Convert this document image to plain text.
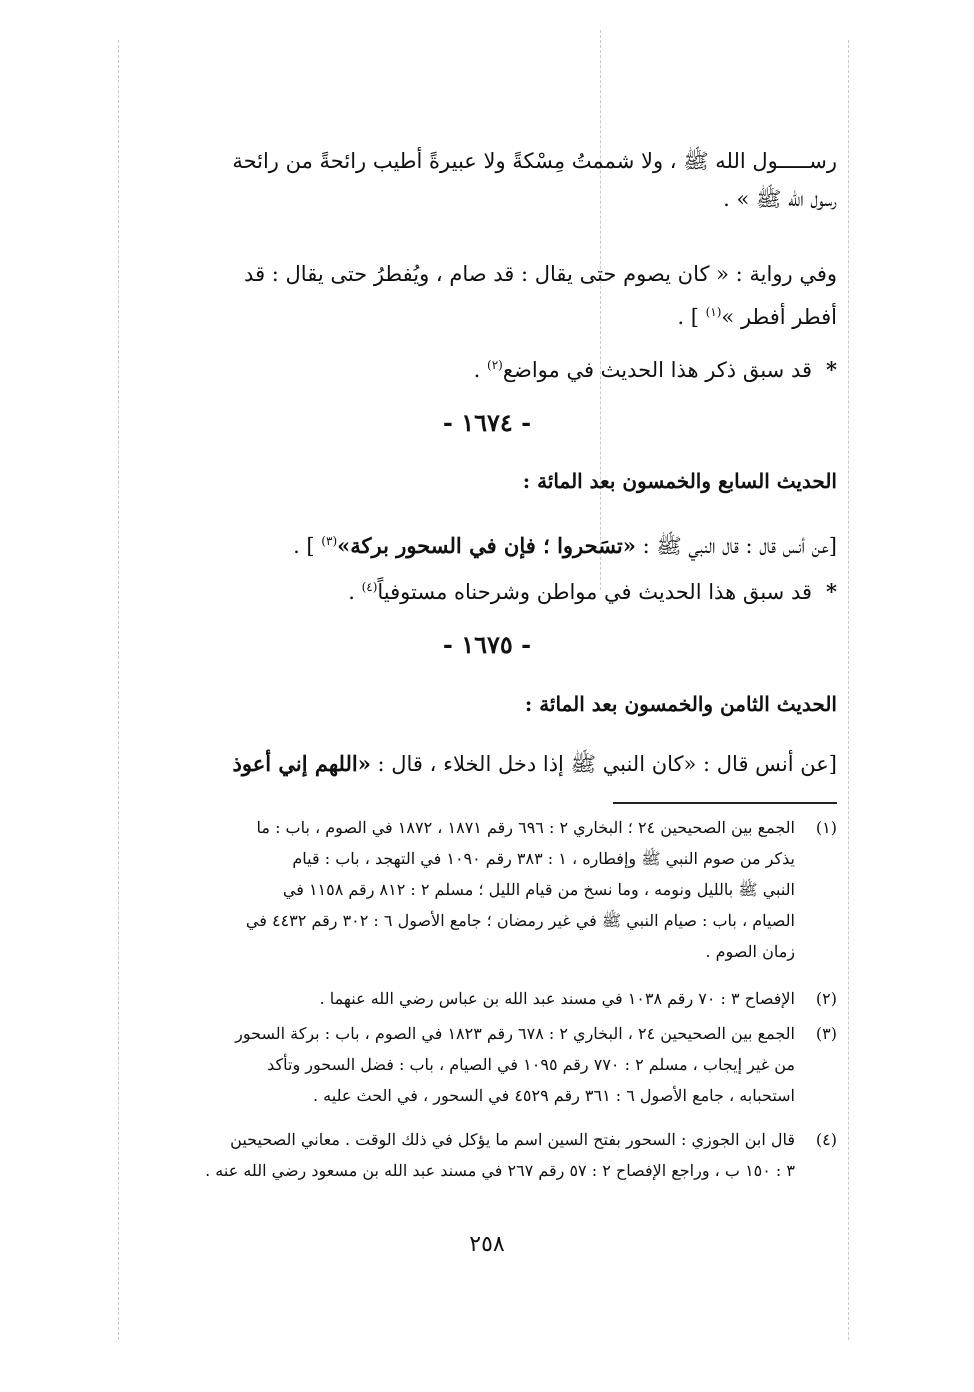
رســـــول الله ﷺ ، ولا شممتُ مِسْكةً ولا عبيرةً أطيب رائحةً من رائحة
رسول الله ﷺ » .
وفي رواية : « كان يصوم حتى يقال : قد صام ، ويُفطرُ حتى يقال : قد
أفطر أفطر »$^{(١)}$ ] .
*قد سبق ذكر هذا الحديث في مواضع$^{(٢)}$ .
- ١٦٧٤ -
الحديث السابع والخمسون بعد المائة :
[عن أنس قال : قال النبي ﷺ : «تسَحروا ؛ فإن في السحور بركة»$^{(٣)}$ ] .
*قد سبق هذا الحديث في مواطن وشرحناه مستوفياً$^{(٤)}$ .
- ١٦٧٥ -
الحديث الثامن والخمسون بعد المائة :
[عن أنس قال : «كان النبي ﷺ إذا دخل الخلاء ، قال : «اللهم إني أعوذ
(١)
الجمع بين الصحيحين ٢٤ ؛ البخاري ٢ : ٦٩٦ رقم ١٨٧١ ، ١٨٧٢ في الصوم ، باب : ما
يذكر من صوم النبي ﷺ وإفطاره ، ١ : ٣٨٣ رقم ١٠٩٠ في التهجد ، باب : قيام
النبي ﷺ بالليل ونومه ، وما نسخ من قيام الليل ؛ مسلم ٢ : ٨١٢ رقم ١١٥٨ في
الصيام ، باب : صيام النبي ﷺ في غير رمضان ؛ جامع الأصول ٦ : ٣٠٢ رقم ٤٤٣٢ في
زمان الصوم .
(٢)
الإفصاح ٣ : ٧٠ رقم ١٠٣٨ في مسند عبد الله بن عباس رضي الله عنهما .
(٣)
الجمع بين الصحيحين ٢٤ ، البخاري ٢ : ٦٧٨ رقم ١٨٢٣ في الصوم ، باب : بركة السحور
من غير إيجاب ، مسلم ٢ : ٧٧٠ رقم ١٠٩٥ في الصيام ، باب : فضل السحور وتأكد
استحبابه ، جامع الأصول ٦ : ٣٦١ رقم ٤٥٢٩ في السحور ، في الحث عليه .
(٤)
قال ابن الجوزي : السحور بفتح السين اسم ما يؤكل في ذلك الوقت . معاني الصحيحين
٣ : ١٥٠ ب ، وراجع الإفصاح ٢ : ٥٧ رقم ٢٦٧ في مسند عبد الله بن مسعود رضي الله عنه .
٢٥٨
